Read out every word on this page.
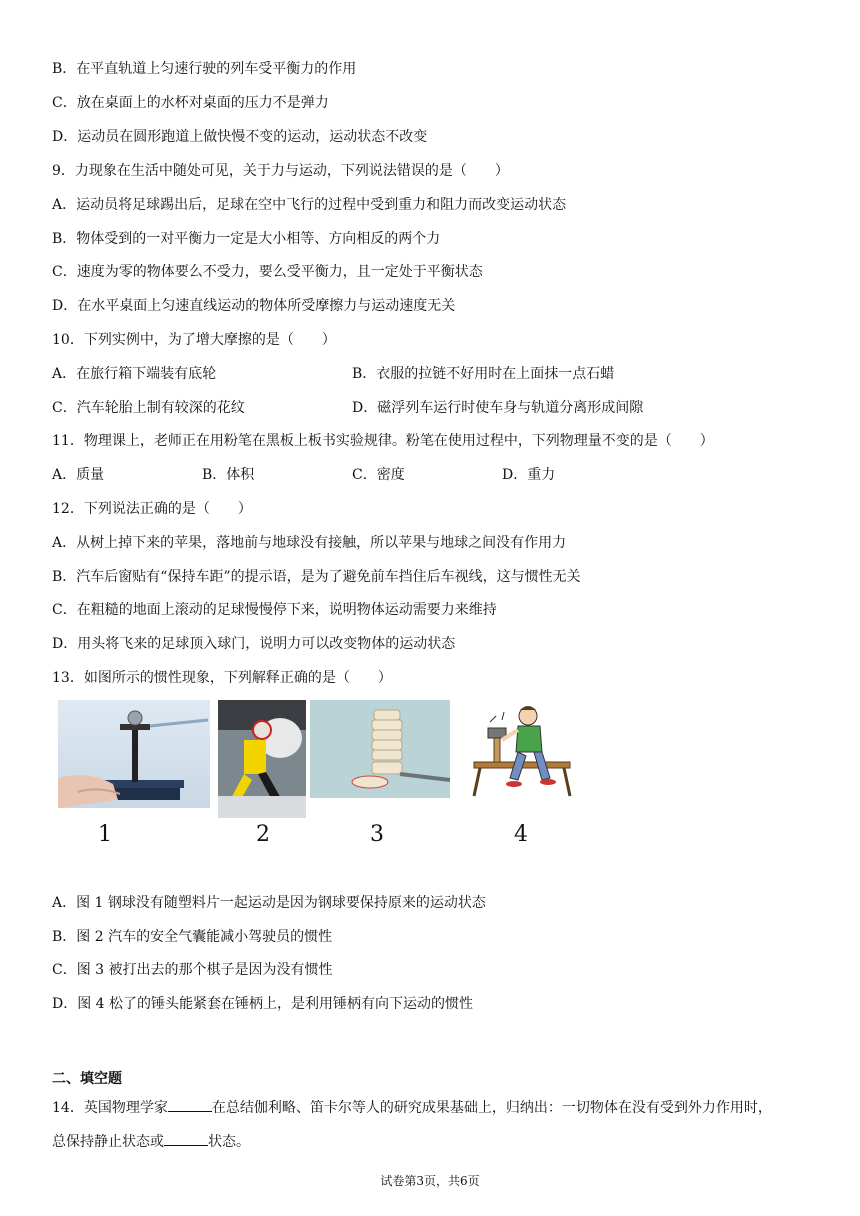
B．在平直轨道上匀速行驶的列车受平衡力的作用
C．放在桌面上的水杯对桌面的压力不是弹力
D．运动员在圆形跑道上做快慢不变的运动，运动状态不改变
9．力现象在生活中随处可见，关于力与运动，下列说法错误的是（　　）
A．运动员将足球踢出后，足球在空中飞行的过程中受到重力和阻力而改变运动状态
B．物体受到的一对平衡力一定是大小相等、方向相反的两个力
C．速度为零的物体要么不受力，要么受平衡力，且一定处于平衡状态
D．在水平桌面上匀速直线运动的物体所受摩擦力与运动速度无关
10．下列实例中，为了增大摩擦的是（　　）
A．在旅行箱下端装有底轮	B．衣服的拉链不好用时在上面抹一点石蜡
C．汽车轮胎上制有较深的花纹	D．磁浮列车运行时使车身与轨道分离形成间隙
11．物理课上，老师正在用粉笔在黑板上板书实验规律。粉笔在使用过程中，下列物理量不变的是（　　）
A．质量	B．体积	C．密度	D．重力
12．下列说法正确的是（　　）
A．从树上掉下来的苹果，落地前与地球没有接触，所以苹果与地球之间没有作用力
B．汽车后窗贴有“保持车距”的提示语，是为了避免前车挡住后车视线，这与惯性无关
C．在粗糙的地面上滚动的足球慢慢停下来，说明物体运动需要力来维持
D．用头将飞来的足球顶入球门，说明力可以改变物体的运动状态
13．如图所示的惯性现象，下列解释正确的是（　　）
1	2	3	4
A．图 1 钢球没有随塑料片一起运动是因为钢球要保持原来的运动状态
B．图 2 汽车的安全气囊能减小驾驶员的惯性
C．图 3 被打出去的那个棋子是因为没有惯性
D．图 4 松了的锤头能紧套在锤柄上，是利用锤柄有向下运动的惯性
二、填空题
14．英国物理学家	在总结伽利略、笛卡尔等人的研究成果基础上，归纳出：一切物体在没有受到外力作用时，
总保持静止状态或	状态。
试卷第3页，共6页
